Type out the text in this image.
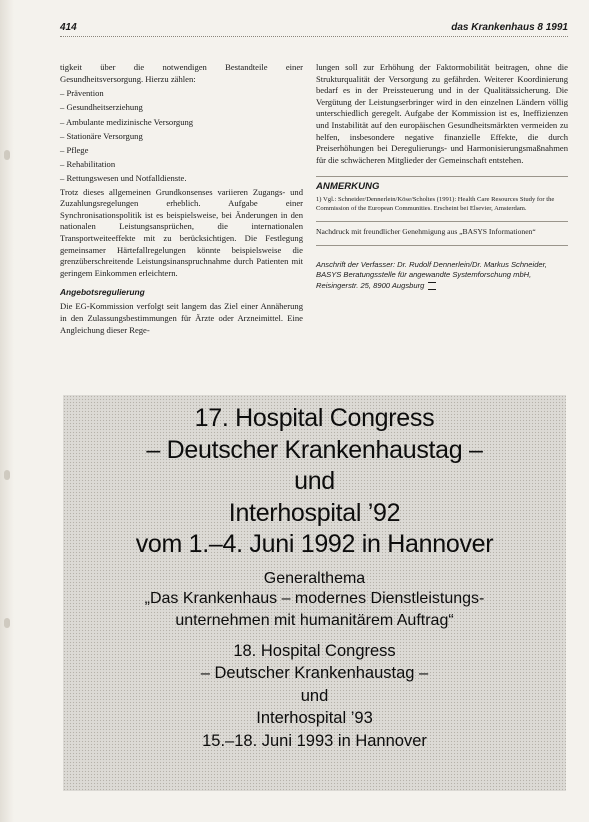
414	das Krankenhaus 8 1991

tigkeit über die notwendigen Bestandteile einer Gesundheitsversorgung. Hierzu zählen:

– Prävention
– Gesundheitserziehung
– Ambulante medizinische Versorgung
– Stationäre Versorgung
– Pflege
– Rehabilitation
– Rettungswesen und Notfalldienste.

Trotz dieses allgemeinen Grundkonsenses variieren Zugangs- und Zuzahlungsregelungen erheblich. Aufgabe einer Synchronisationspolitik ist es beispielsweise, bei Änderungen in den nationalen Leistungsansprüchen, die internationalen Transportweiteeffekte mit zu berücksichtigen. Die Festlegung gemeinsamer Härtefallregelungen könnte beispielsweise die grenzüberschreitende Leistungsinanspruchnahme durch Patienten mit geringem Einkommen erleichtern.

Angebotsregulierung

Die EG-Kommission verfolgt seit langem das Ziel einer Annäherung in den Zulassungsbestimmungen für Ärzte oder Arzneimittel. Eine Angleichung dieser Rege-

lungen soll zur Erhöhung der Faktormobilität beitragen, ohne die Strukturqualität der Versorgung zu gefährden. Weiterer Koordinierung bedarf es in der Preissteuerung und in der Qualitätssicherung. Die Vergütung der Leistungserbringer wird in den einzelnen Ländern völlig unterschiedlich geregelt. Aufgabe der Kommission ist es, Ineffizienzen und Instabilität auf den europäischen Gesundheitsmärkten vermeiden zu helfen, insbesondere negative finanzielle Effekte, die durch Preiserhöhungen bei Deregulierungs- und Harmonisierungsmaßnahmen für die schwächeren Mitglieder der Gemeinschaft entstehen.

ANMERKUNG

1) Vgl.: Schneider/Dennerlein/Köse/Scholtes (1991): Health Care Resources Study for the Commission of the European Communities. Erscheint bei Elsevier, Amsterdam.

Nachdruck mit freundlicher Genehmigung aus „BASYS Informationen“

Anschrift der Verfasser: Dr. Rudolf Dennerlein/Dr. Markus Schneider, BASYS Beratungsstelle für angewandte Systemforschung mbH, Reisingerstr. 25, 8900 Augsburg

17. Hospital Congress
– Deutscher Krankenhaustag –
und
Interhospital ’92
vom 1.–4. Juni 1992 in Hannover
Generalthema
„Das Krankenhaus – modernes Dienstleistungs-
unternehmen mit humanitärem Auftrag“
18. Hospital Congress
– Deutscher Krankenhaustag –
und
Interhospital ’93
15.–18. Juni 1993 in Hannover
